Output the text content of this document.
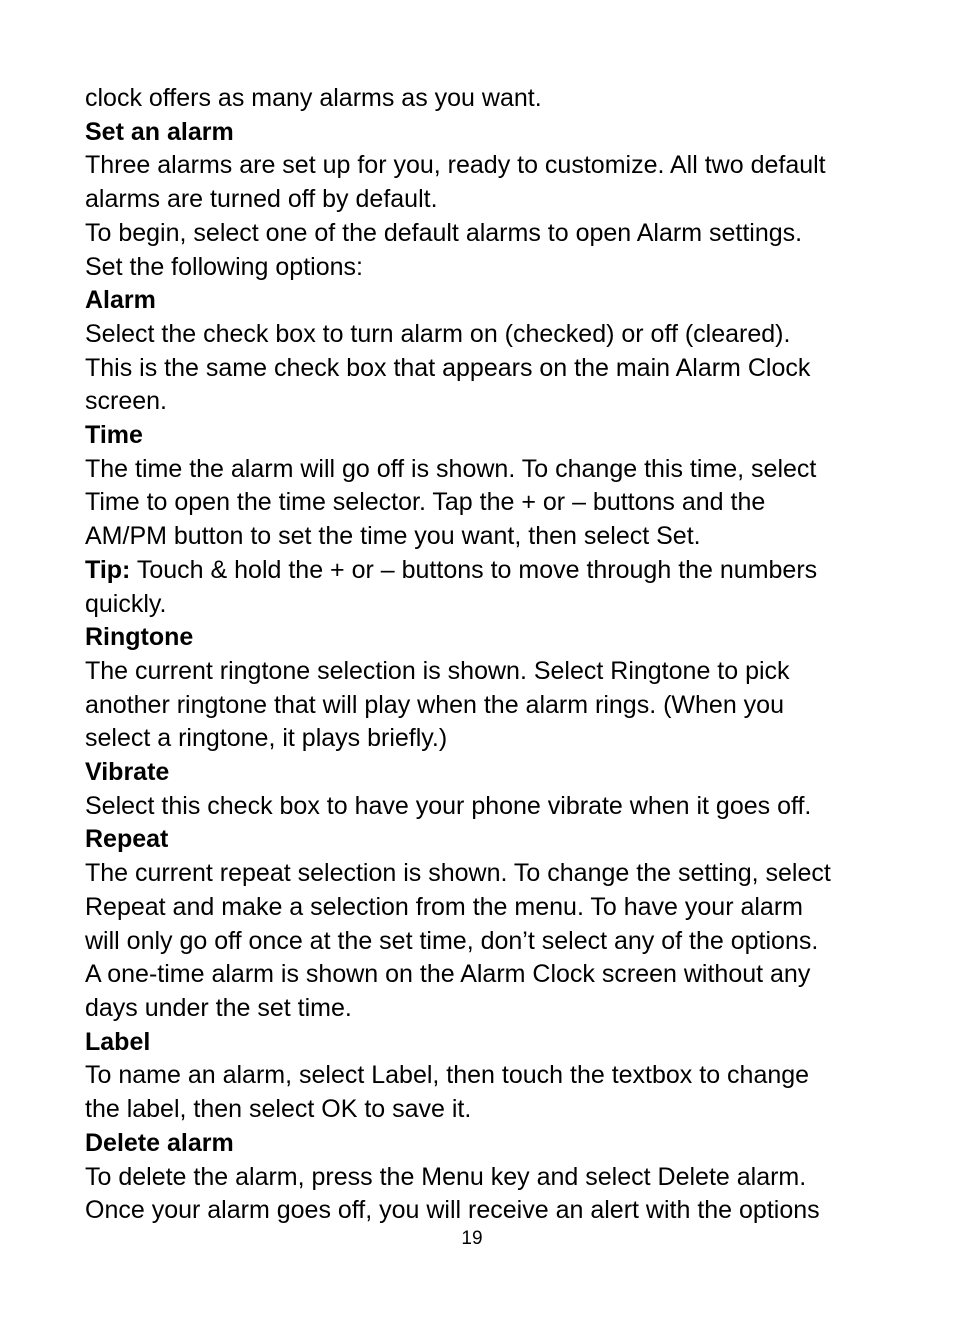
clock offers as many alarms as you want.
Set an alarm
Three alarms are set up for you, ready to customize. All two default
alarms are turned off by default.
To begin, select one of the default alarms to open Alarm settings.
Set the following options:
Alarm
Select the check box to turn alarm on (checked) or off (cleared).
This is the same check box that appears on the main Alarm Clock
screen.
Time
The time the alarm will go off is shown. To change this time, select
Time to open the time selector. Tap the + or – buttons and the
AM/PM button to set the time you want, then select Set.
Tip: Touch & hold the + or – buttons to move through the numbers
quickly.
Ringtone
The current ringtone selection is shown. Select Ringtone to pick
another ringtone that will play when the alarm rings. (When you
select a ringtone, it plays briefly.)
Vibrate
Select this check box to have your phone vibrate when it goes off.
Repeat
The current repeat selection is shown. To change the setting, select
Repeat and make a selection from the menu. To have your alarm
will only go off once at the set time, don’t select any of the options.
A one-time alarm is shown on the Alarm Clock screen without any
days under the set time.
Label
To name an alarm, select Label, then touch the textbox to change
the label, then select OK to save it.
Delete alarm
To delete the alarm, press the Menu key and select Delete alarm.
Once your alarm goes off, you will receive an alert with the options
19
